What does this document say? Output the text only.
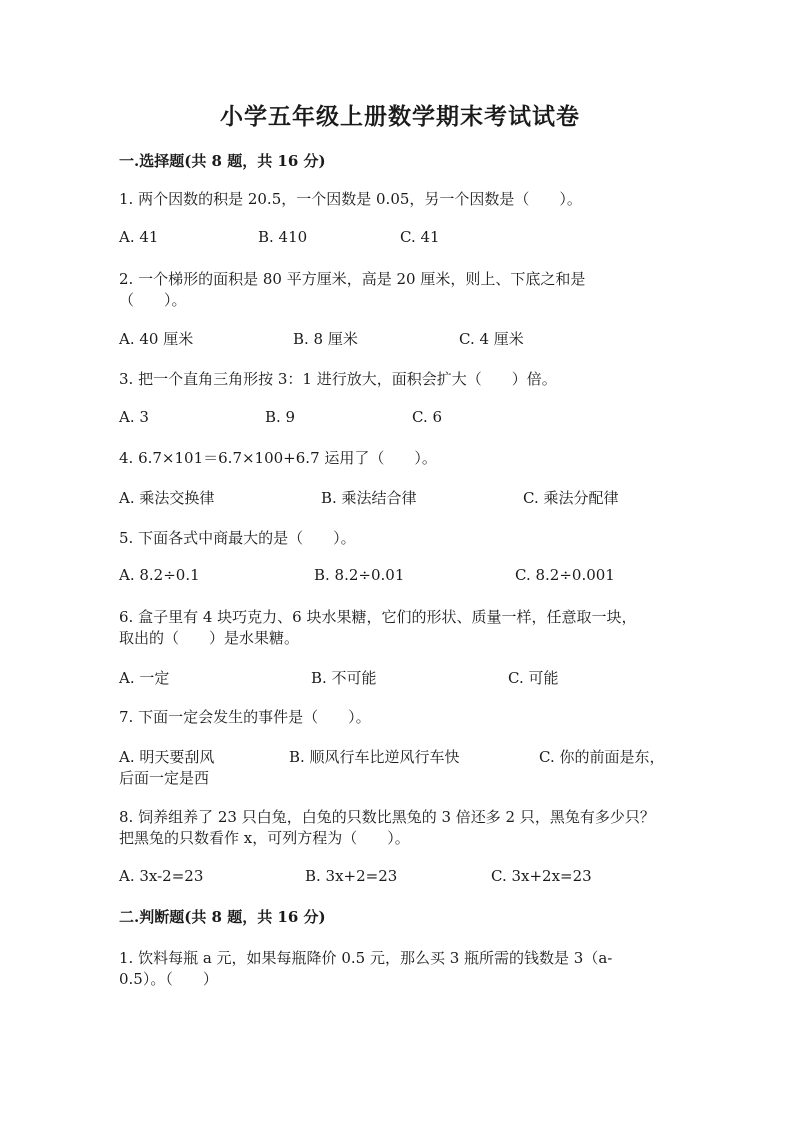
小学五年级上册数学期末考试试卷
一.选择题(共 8 题，共 16 分)
1. 两个因数的积是 20.5，一个因数是 0.05，另一个因数是（　　）。
A. 41	B. 410	C. 41
2. 一个梯形的面积是 80 平方厘米，高是 20 厘米，则上、下底之和是
（　　）。
A. 40 厘米	B. 8 厘米	C. 4 厘米
3. 把一个直角三角形按 3：1 进行放大，面积会扩大（　　）倍。
A. 3	B. 9	C. 6
4. 6.7×101＝6.7×100+6.7 运用了（　　）。
A. 乘法交换律	B. 乘法结合律	C. 乘法分配律
5. 下面各式中商最大的是（　　）。
A. 8.2÷0.1	B. 8.2÷0.01	C. 8.2÷0.001
6. 盒子里有 4 块巧克力、6 块水果糖，它们的形状、质量一样，任意取一块，
取出的（　　）是水果糖。
A. 一定	B. 不可能	C. 可能
7. 下面一定会发生的事件是（　　）。
A. 明天要刮风	B. 顺风行车比逆风行车快	C. 你的前面是东，
后面一定是西
8. 饲养组养了 23 只白兔，白兔的只数比黑兔的 3 倍还多 2 只，黑兔有多少只？
把黑兔的只数看作 x，可列方程为（　　）。
A. 3x-2=23	B. 3x+2=23	C. 3x+2x=23
二.判断题(共 8 题，共 16 分)
1. 饮料每瓶 a 元，如果每瓶降价 0.5 元，那么买 3 瓶所需的钱数是 3（a-
0.5）。（　　）
